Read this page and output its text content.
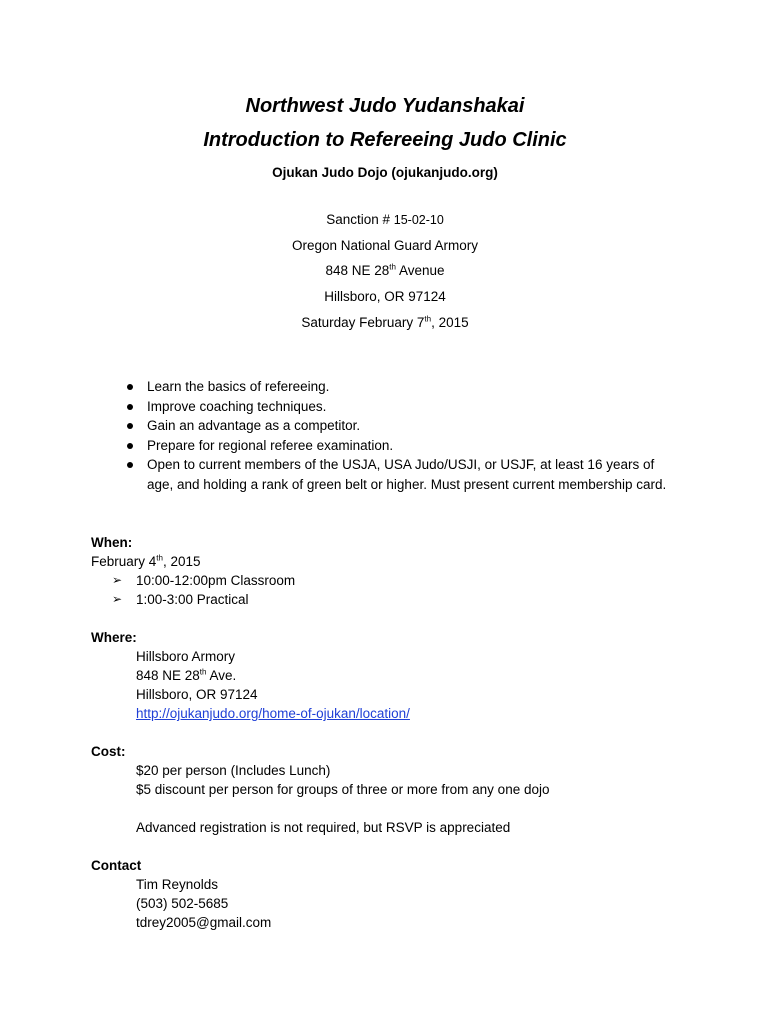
Northwest Judo Yudanshakai
Introduction to Refereeing Judo Clinic
Ojukan Judo Dojo (ojukanjudo.org)
Sanction # 15-02-10
Oregon National Guard Armory
848 NE 28th Avenue
Hillsboro, OR 97124
Saturday February 7th, 2015
Learn the basics of refereeing.
Improve coaching techniques.
Gain an advantage as a competitor.
Prepare for regional referee examination.
Open to current members of the USJA, USA Judo/USJI, or USJF, at least 16 years of age, and holding a rank of green belt or higher. Must present current membership card.
When:
February 4th, 2015
➢ 10:00-12:00pm Classroom
➢ 1:00-3:00 Practical
Where:
Hillsboro Armory
848 NE 28th Ave.
Hillsboro, OR 97124
http://ojukanjudo.org/home-of-ojukan/location/
Cost:
$20 per person (Includes Lunch)
$5 discount per person for groups of three or more from any one dojo
Advanced registration is not required, but RSVP is appreciated
Contact
Tim Reynolds
(503) 502-5685
tdrey2005@gmail.com
